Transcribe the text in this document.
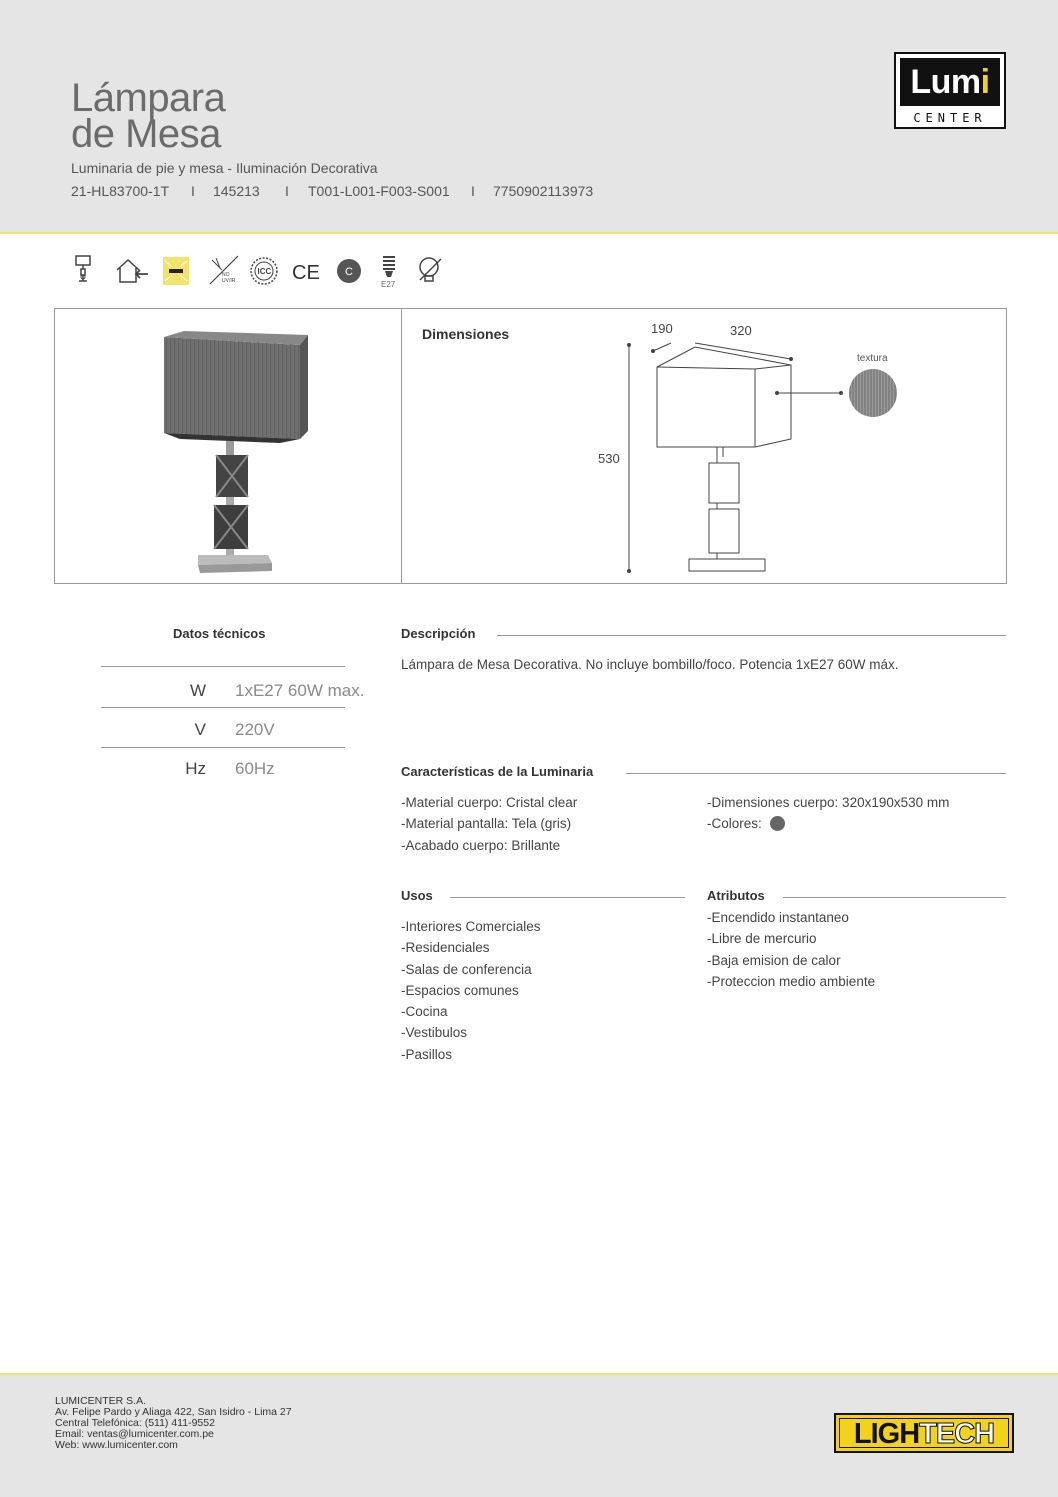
Lámpara
de Mesa
Luminaria de pie y mesa - Iluminación Decorativa
21-HL83700-1T	I	145213	I	T001-L001-F003-S001	I	7750902113973
Lumi
CENTER
NO
UV/IR
ICC CE C
E27
Dimensiones	190	320
530
textura
Datos técnicos
W 1xE27 60W max.
V 220V
Hz 60Hz
Descripción
Lámpara de Mesa Decorativa. No incluye bombillo/foco. Potencia 1xE27 60W máx.
Características de la Luminaria
-Material cuerpo: Cristal clear
-Material pantalla: Tela (gris)
-Acabado cuerpo: Brillante
-Dimensiones cuerpo: 320x190x530 mm
-Colores:
Usos
-Interiores Comerciales
-Residenciales
-Salas de conferencia
-Espacios comunes
-Cocina
-Vestibulos
-Pasillos
Atributos
-Encendido instantaneo
-Libre de mercurio
-Baja emision de calor
-Proteccion medio ambiente
LUMICENTER S.A.
Av. Felipe Pardo y Aliaga 422, San Isidro - Lima 27
Central Telefónica: (511) 411-9552
Email: ventas@lumicenter.com.pe
Web: www.lumicenter.com	LIGHTECH
